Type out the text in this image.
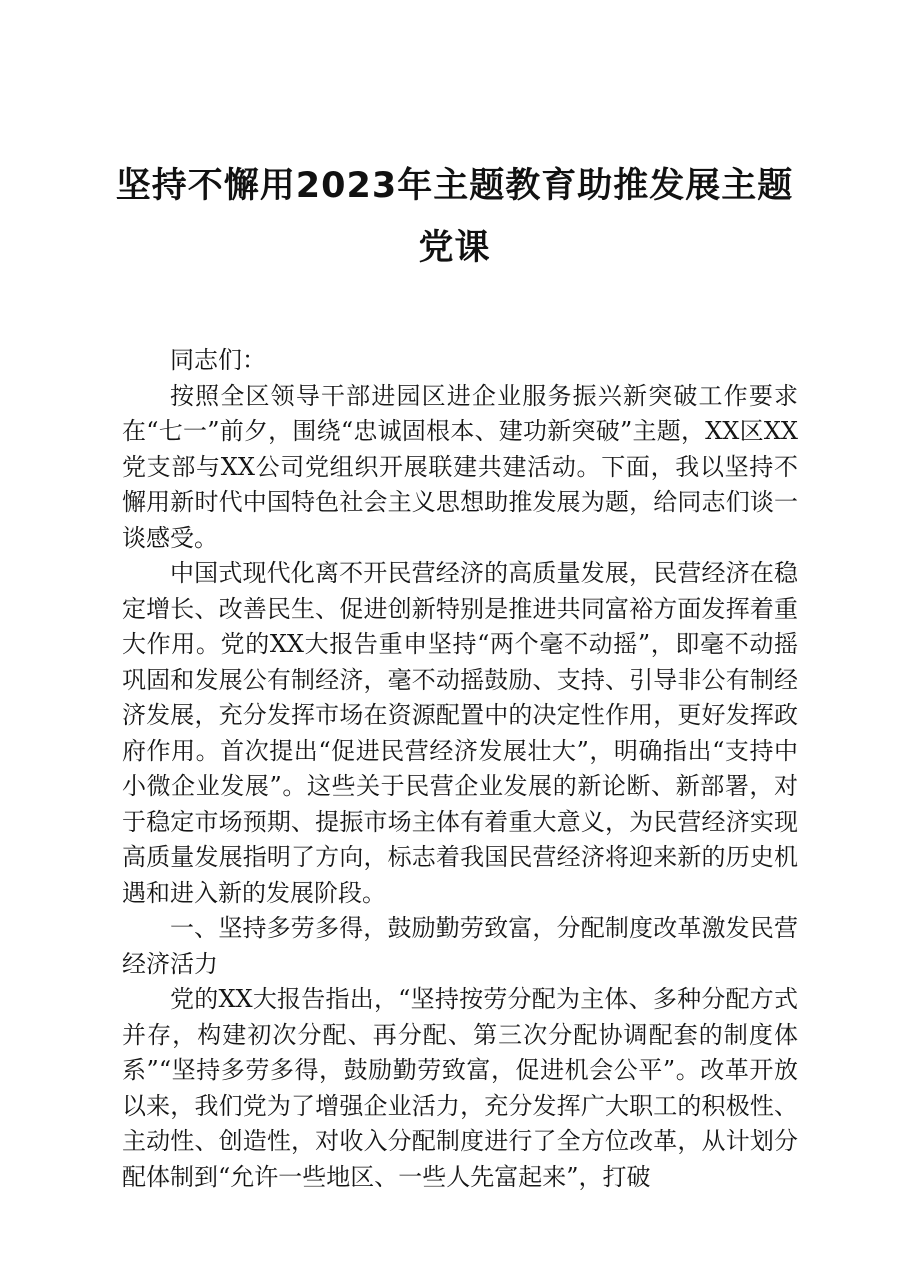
坚持不懈用2023年主题教育助推发展主题党课

同志们：

按照全区领导干部进园区进企业服务振兴新突破工作要求在“七一”前夕，围绕“忠诚固根本、建功新突破”主题，XX区XX党支部与XX公司党组织开展联建共建活动。下面，我以坚持不懈用新时代中国特色社会主义思想助推发展为题，给同志们谈一谈感受。

中国式现代化离不开民营经济的高质量发展，民营经济在稳定增长、改善民生、促进创新特别是推进共同富裕方面发挥着重大作用。党的XX大报告重申坚持“两个毫不动摇”，即毫不动摇巩固和发展公有制经济，毫不动摇鼓励、支持、引导非公有制经济发展，充分发挥市场在资源配置中的决定性作用，更好发挥政府作用。首次提出“促进民营经济发展壮大”，明确指出“支持中小微企业发展”。这些关于民营企业发展的新论断、新部署，对于稳定市场预期、提振市场主体有着重大意义，为民营经济实现高质量发展指明了方向，标志着我国民营经济将迎来新的历史机遇和进入新的发展阶段。

一、坚持多劳多得，鼓励勤劳致富，分配制度改革激发民营经济活力

党的XX大报告指出，“坚持按劳分配为主体、多种分配方式并存，构建初次分配、再分配、第三次分配协调配套的制度体系”“坚持多劳多得，鼓励勤劳致富，促进机会公平”。改革开放以来，我们党为了增强企业活力，充分发挥广大职工的积极性、主动性、创造性，对收入分配制度进行了全方位改革，从计划分配体制到“允许一些地区、一些人先富起来”，打破
